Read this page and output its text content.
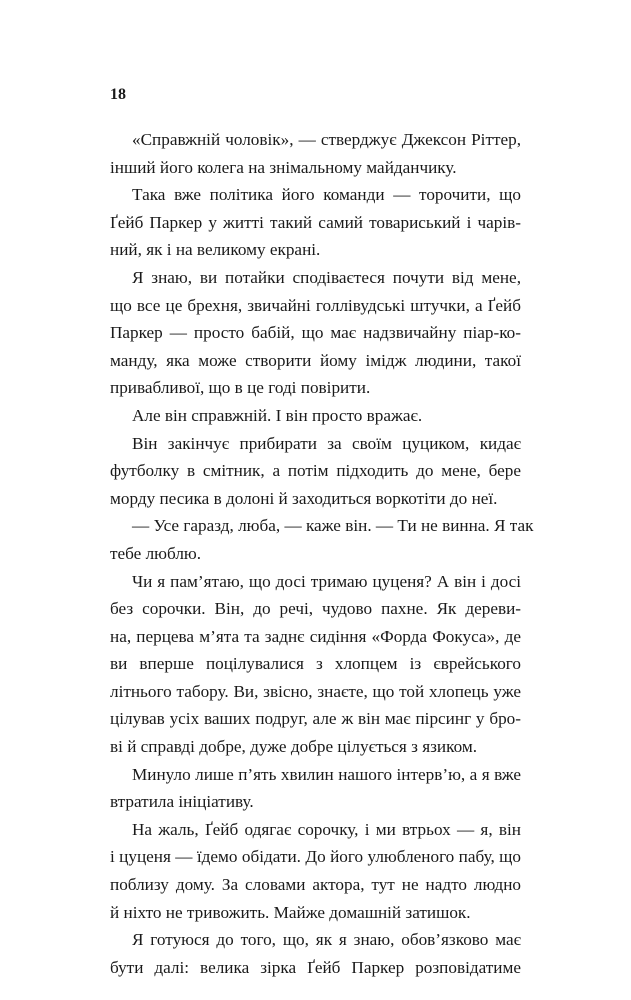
18
«Справжній чоловік», — стверджує Джексон Ріттер,
інший його колега на знімальному майданчику.
Така вже політика його команди — торочити, що
Ґейб Паркер у житті такий самий товариський і чарів-
ний, як і на великому екрані.
Я знаю, ви потайки сподіваєтеся почути від мене,
що все це брехня, звичайні голлівудські штучки, а Ґейб
Паркер — просто бабій, що має надзвичайну піар-ко-
манду, яка може створити йому імідж людини, такої
привабливої, що в це годі повірити.
Але він справжній. І він просто вражає.
Він закінчує прибирати за своїм цуциком, кидає
футболку в смітник, а потім підходить до мене, бере
морду песика в долоні й заходиться воркотіти до неї.
— Усе гаразд, люба, — каже він. — Ти не винна. Я так
тебе люблю.
Чи я пам’ятаю, що досі тримаю цуценя? А він і досі
без сорочки. Він, до речі, чудово пахне. Як дереви-
на, перцева м’ята та заднє сидіння «Форда Фокуса», де
ви вперше поцілувалися з хлопцем із єврейського
літнього табору. Ви, звісно, знаєте, що той хлопець уже
цілував усіх ваших подруг, але ж він має пірсинг у бро-
ві й справді добре, дуже добре цілується з язиком.
Минуло лише п’ять хвилин нашого інтерв’ю, а я вже
втратила ініціативу.
На жаль, Ґейб одягає сорочку, і ми втрьох — я, він
і цуценя — їдемо обідати. До його улюбленого пабу, що
поблизу дому. За словами актора, тут не надто людно
й ніхто не тривожить. Майже домашній затишок.
Я готуюся до того, що, як я знаю, обов’язково має
бути далі: велика зірка Ґейб Паркер розповідатиме
